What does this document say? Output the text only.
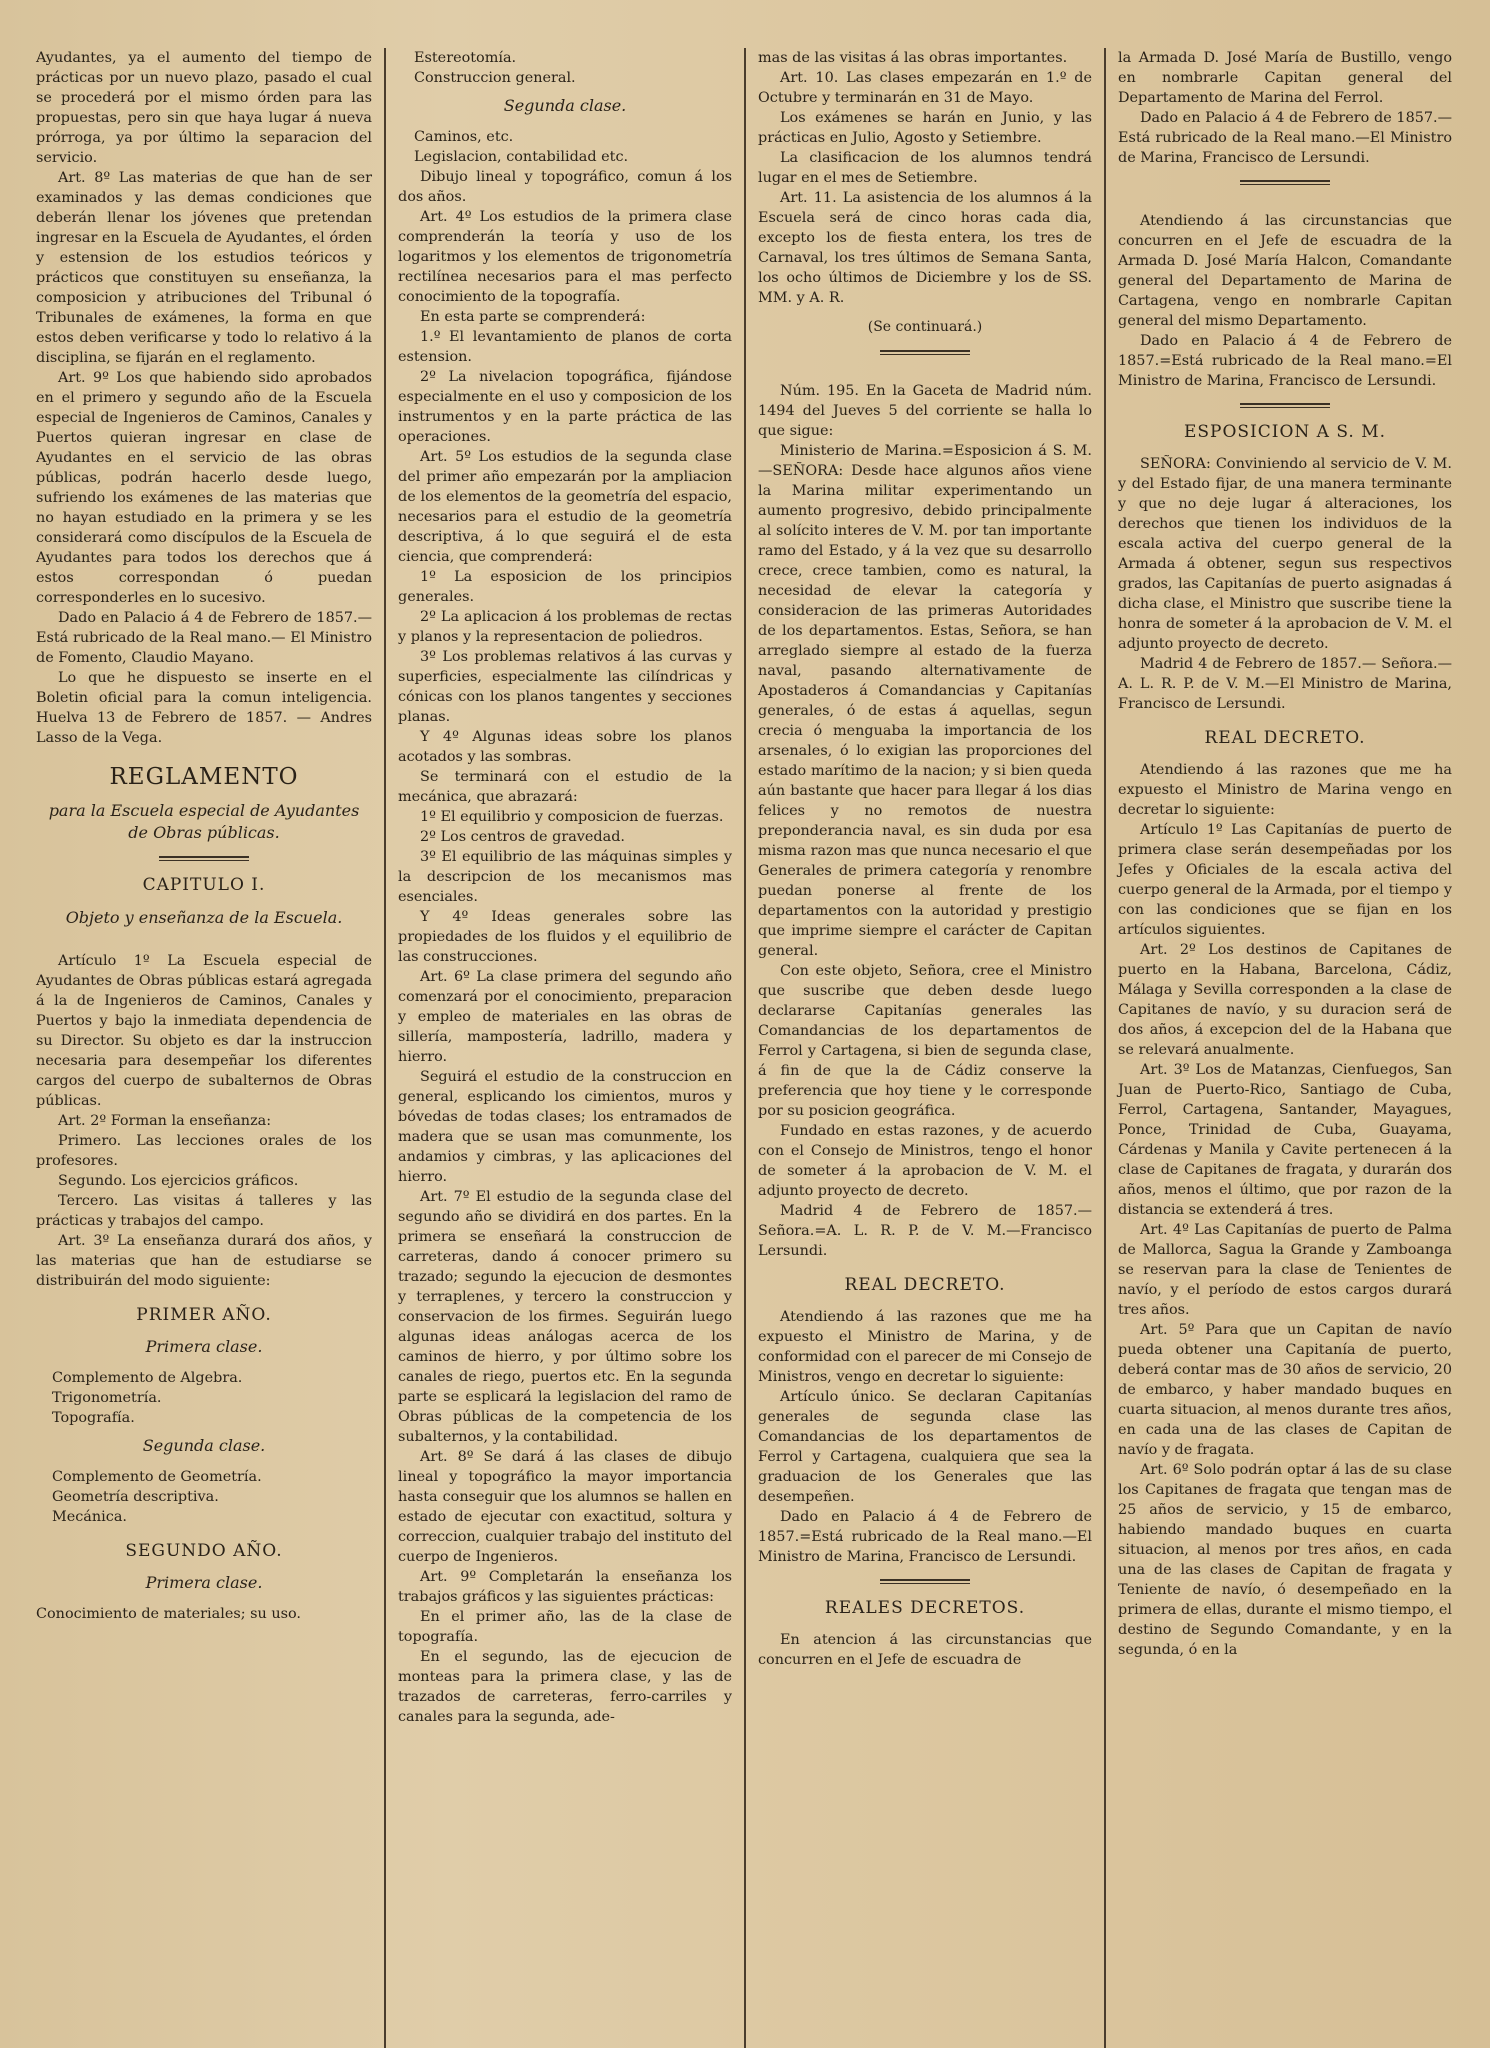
Ayudantes, ya el aumento del tiempo de prácticas por un nuevo plazo, pasado el cual se procederá por el mismo órden para las propuestas, pero sin que haya lugar á nueva prórroga, ya por último la separacion del servicio.

Art. 8º Las materias de que han de ser examinados y las demas condiciones que deberán llenar los jóvenes que pretendan ingresar en la Escuela de Ayudantes, el órden y estension de los estudios teóricos y prácticos que constituyen su enseñanza, la composicion y atribuciones del Tribunal ó Tribunales de exámenes, la forma en que estos deben verificarse y todo lo relativo á la disciplina, se fijarán en el reglamento.

Art. 9º Los que habiendo sido aprobados en el primero y segundo año de la Escuela especial de Ingenieros de Caminos, Canales y Puertos quieran ingresar en clase de Ayudantes en el servicio de las obras públicas, podrán hacerlo desde luego, sufriendo los exámenes de las materias que no hayan estudiado en la primera y se les considerará como discípulos de la Escuela de Ayudantes para todos los derechos que á estos correspondan ó puedan corresponderles en lo sucesivo.

Dado en Palacio á 4 de Febrero de 1857.— Está rubricado de la Real mano.— El Ministro de Fomento, Claudio Mayano.

Lo que he dispuesto se inserte en el Boletin oficial para la comun inteligencia. Huelva 13 de Febrero de 1857. — Andres Lasso de la Vega.

REGLAMENTO
para la Escuela especial de Ayudantes de Obras públicas.
CAPITULO I.
Objeto y enseñanza de la Escuela.

Artículo 1º La Escuela especial de Ayudantes de Obras públicas estará agregada á la de Ingenieros de Caminos, Canales y Puertos y bajo la inmediata dependencia de su Director. Su objeto es dar la instruccion necesaria para desempeñar los diferentes cargos del cuerpo de subalternos de Obras públicas.

Art. 2º Forman la enseñanza:

Primero. Las lecciones orales de los profesores.

Segundo. Los ejercicios gráficos.

Tercero. Las visitas á talleres y las prácticas y trabajos del campo.

Art. 3º La enseñanza durará dos años, y las materias que han de estudiarse se distribuirán del modo siguiente:

PRIMER AÑO.
Primera clase.

Complemento de Algebra.

Trigonometría.

Topografía.

Segunda clase.

Complemento de Geometría.

Geometría descriptiva.

Mecánica.

SEGUNDO AÑO.
Primera clase.

Conocimiento de materiales; su uso.

Estereotomía.

Construccion general.

Segunda clase.

Caminos, etc.

Legislacion, contabilidad etc.

Dibujo lineal y topográfico, comun á los dos años.

Art. 4º Los estudios de la primera clase comprenderán la teoría y uso de los logaritmos y los elementos de trigonometría rectilínea necesarios para el mas perfecto conocimiento de la topografía.

En esta parte se comprenderá:

1.º El levantamiento de planos de corta estension.

2º La nivelacion topográfica, fijándose especialmente en el uso y composicion de los instrumentos y en la parte práctica de las operaciones.

Art. 5º Los estudios de la segunda clase del primer año empezarán por la ampliacion de los elementos de la geometría del espacio, necesarios para el estudio de la geometría descriptiva, á lo que seguirá el de esta ciencia, que comprenderá:

1º La esposicion de los principios generales.

2º La aplicacion á los problemas de rectas y planos y la representacion de poliedros.

3º Los problemas relativos á las curvas y superficies, especialmente las cilíndricas y cónicas con los planos tangentes y secciones planas.

Y 4º Algunas ideas sobre los planos acotados y las sombras.

Se terminará con el estudio de la mecánica, que abrazará:

1º El equilibrio y composicion de fuerzas.

2º Los centros de gravedad.

3º El equilibrio de las máquinas simples y la descripcion de los mecanismos mas esenciales.

Y 4º Ideas generales sobre las propiedades de los fluidos y el equilibrio de las construcciones.

Art. 6º La clase primera del segundo año comenzará por el conocimiento, preparacion y empleo de materiales en las obras de sillería, mampostería, ladrillo, madera y hierro.

Seguirá el estudio de la construccion en general, esplicando los cimientos, muros y bóvedas de todas clases; los entramados de madera que se usan mas comunmente, los andamios y cimbras, y las aplicaciones del hierro.

Art. 7º El estudio de la segunda clase del segundo año se dividirá en dos partes. En la primera se enseñará la construccion de carreteras, dando á conocer primero su trazado; segundo la ejecucion de desmontes y terraplenes, y tercero la construccion y conservacion de los firmes. Seguirán luego algunas ideas análogas acerca de los caminos de hierro, y por último sobre los canales de riego, puertos etc. En la segunda parte se esplicará la legislacion del ramo de Obras públicas de la competencia de los subalternos, y la contabilidad.

Art. 8º Se dará á las clases de dibujo lineal y topográfico la mayor importancia hasta conseguir que los alumnos se hallen en estado de ejecutar con exactitud, soltura y correccion, cualquier trabajo del instituto del cuerpo de Ingenieros.

Art. 9º Completarán la enseñanza los trabajos gráficos y las siguientes prácticas:

En el primer año, las de la clase de topografía.

En el segundo, las de ejecucion de monteas para la primera clase, y las de trazados de carreteras, ferro-carriles y canales para la segunda, ade-

mas de las visitas á las obras importantes.

Art. 10. Las clases empezarán en 1.º de Octubre y terminarán en 31 de Mayo.

Los exámenes se harán en Junio, y las prácticas en Julio, Agosto y Setiembre.

La clasificacion de los alumnos tendrá lugar en el mes de Setiembre.

Art. 11. La asistencia de los alumnos á la Escuela será de cinco horas cada dia, excepto los de fiesta entera, los tres de Carnaval, los tres últimos de Semana Santa, los ocho últimos de Diciembre y los de SS. MM. y A. R.

(Se continuará.)

Núm. 195. En la Gaceta de Madrid núm. 1494 del Jueves 5 del corriente se halla lo que sigue:

Ministerio de Marina.=Esposicion á S. M.—SEÑORA: Desde hace algunos años viene la Marina militar experimentando un aumento progresivo, debido principalmente al solícito interes de V. M. por tan importante ramo del Estado, y á la vez que su desarrollo crece, crece tambien, como es natural, la necesidad de elevar la categoría y consideracion de las primeras Autoridades de los departamentos. Estas, Señora, se han arreglado siempre al estado de la fuerza naval, pasando alternativamente de Apostaderos á Comandancias y Capitanías generales, ó de estas á aquellas, segun crecia ó menguaba la importancia de los arsenales, ó lo exigian las proporciones del estado marítimo de la nacion; y si bien queda aún bastante que hacer para llegar á los dias felices y no remotos de nuestra preponderancia naval, es sin duda por esa misma razon mas que nunca necesario el que Generales de primera categoría y renombre puedan ponerse al frente de los departamentos con la autoridad y prestigio que imprime siempre el carácter de Capitan general.

Con este objeto, Señora, cree el Ministro que suscribe que deben desde luego declararse Capitanías generales las Comandancias de los departamentos de Ferrol y Cartagena, si bien de segunda clase, á fin de que la de Cádiz conserve la preferencia que hoy tiene y le corresponde por su posicion geográfica.

Fundado en estas razones, y de acuerdo con el Consejo de Ministros, tengo el honor de someter á la aprobacion de V. M. el adjunto proyecto de decreto.

Madrid 4 de Febrero de 1857.— Señora.=A. L. R. P. de V. M.—Francisco Lersundi.

REAL DECRETO.

Atendiendo á las razones que me ha expuesto el Ministro de Marina, y de conformidad con el parecer de mi Consejo de Ministros, vengo en decretar lo siguiente:

Artículo único. Se declaran Capitanías generales de segunda clase las Comandancias de los departamentos de Ferrol y Cartagena, cualquiera que sea la graduacion de los Generales que las desempeñen.

Dado en Palacio á 4 de Febrero de 1857.=Está rubricado de la Real mano.—El Ministro de Marina, Francisco de Lersundi.

REALES DECRETOS.

En atencion á las circunstancias que concurren en el Jefe de escuadra de

la Armada D. José María de Bustillo, vengo en nombrarle Capitan general del Departamento de Marina del Ferrol.

Dado en Palacio á 4 de Febrero de 1857.—Está rubricado de la Real mano.—El Ministro de Marina, Francisco de Lersundi.

Atendiendo á las circunstancias que concurren en el Jefe de escuadra de la Armada D. José María Halcon, Comandante general del Departamento de Marina de Cartagena, vengo en nombrarle Capitan general del mismo Departamento.

Dado en Palacio á 4 de Febrero de 1857.=Está rubricado de la Real mano.=El Ministro de Marina, Francisco de Lersundi.

ESPOSICION A S. M.

SEÑORA: Conviniendo al servicio de V. M. y del Estado fijar, de una manera terminante y que no deje lugar á alteraciones, los derechos que tienen los individuos de la escala activa del cuerpo general de la Armada á obtener, segun sus respectivos grados, las Capitanías de puerto asignadas á dicha clase, el Ministro que suscribe tiene la honra de someter á la aprobacion de V. M. el adjunto proyecto de decreto.

Madrid 4 de Febrero de 1857.— Señora.—A. L. R. P. de V. M.—El Ministro de Marina, Francisco de Lersundi.

REAL DECRETO.

Atendiendo á las razones que me ha expuesto el Ministro de Marina vengo en decretar lo siguiente:

Artículo 1º Las Capitanías de puerto de primera clase serán desempeñadas por los Jefes y Oficiales de la escala activa del cuerpo general de la Armada, por el tiempo y con las condiciones que se fijan en los artículos siguientes.

Art. 2º Los destinos de Capitanes de puerto en la Habana, Barcelona, Cádiz, Málaga y Sevilla corresponden a la clase de Capitanes de navío, y su duracion será de dos años, á excepcion del de la Habana que se relevará anualmente.

Art. 3º Los de Matanzas, Cienfuegos, San Juan de Puerto-Rico, Santiago de Cuba, Ferrol, Cartagena, Santander, Mayagues, Ponce, Trinidad de Cuba, Guayama, Cárdenas y Manila y Cavite pertenecen á la clase de Capitanes de fragata, y durarán dos años, menos el último, que por razon de la distancia se extenderá á tres.

Art. 4º Las Capitanías de puerto de Palma de Mallorca, Sagua la Grande y Zamboanga se reservan para la clase de Tenientes de navío, y el período de estos cargos durará tres años.

Art. 5º Para que un Capitan de navío pueda obtener una Capitanía de puerto, deberá contar mas de 30 años de servicio, 20 de embarco, y haber mandado buques en cuarta situacion, al menos durante tres años, en cada una de las clases de Capitan de navío y de fragata.

Art. 6º Solo podrán optar á las de su clase los Capitanes de fragata que tengan mas de 25 años de servicio, y 15 de embarco, habiendo mandado buques en cuarta situacion, al menos por tres años, en cada una de las clases de Capitan de fragata y Teniente de navío, ó desempeñado en la primera de ellas, durante el mismo tiempo, el destino de Segundo Comandante, y en la segunda, ó en la
